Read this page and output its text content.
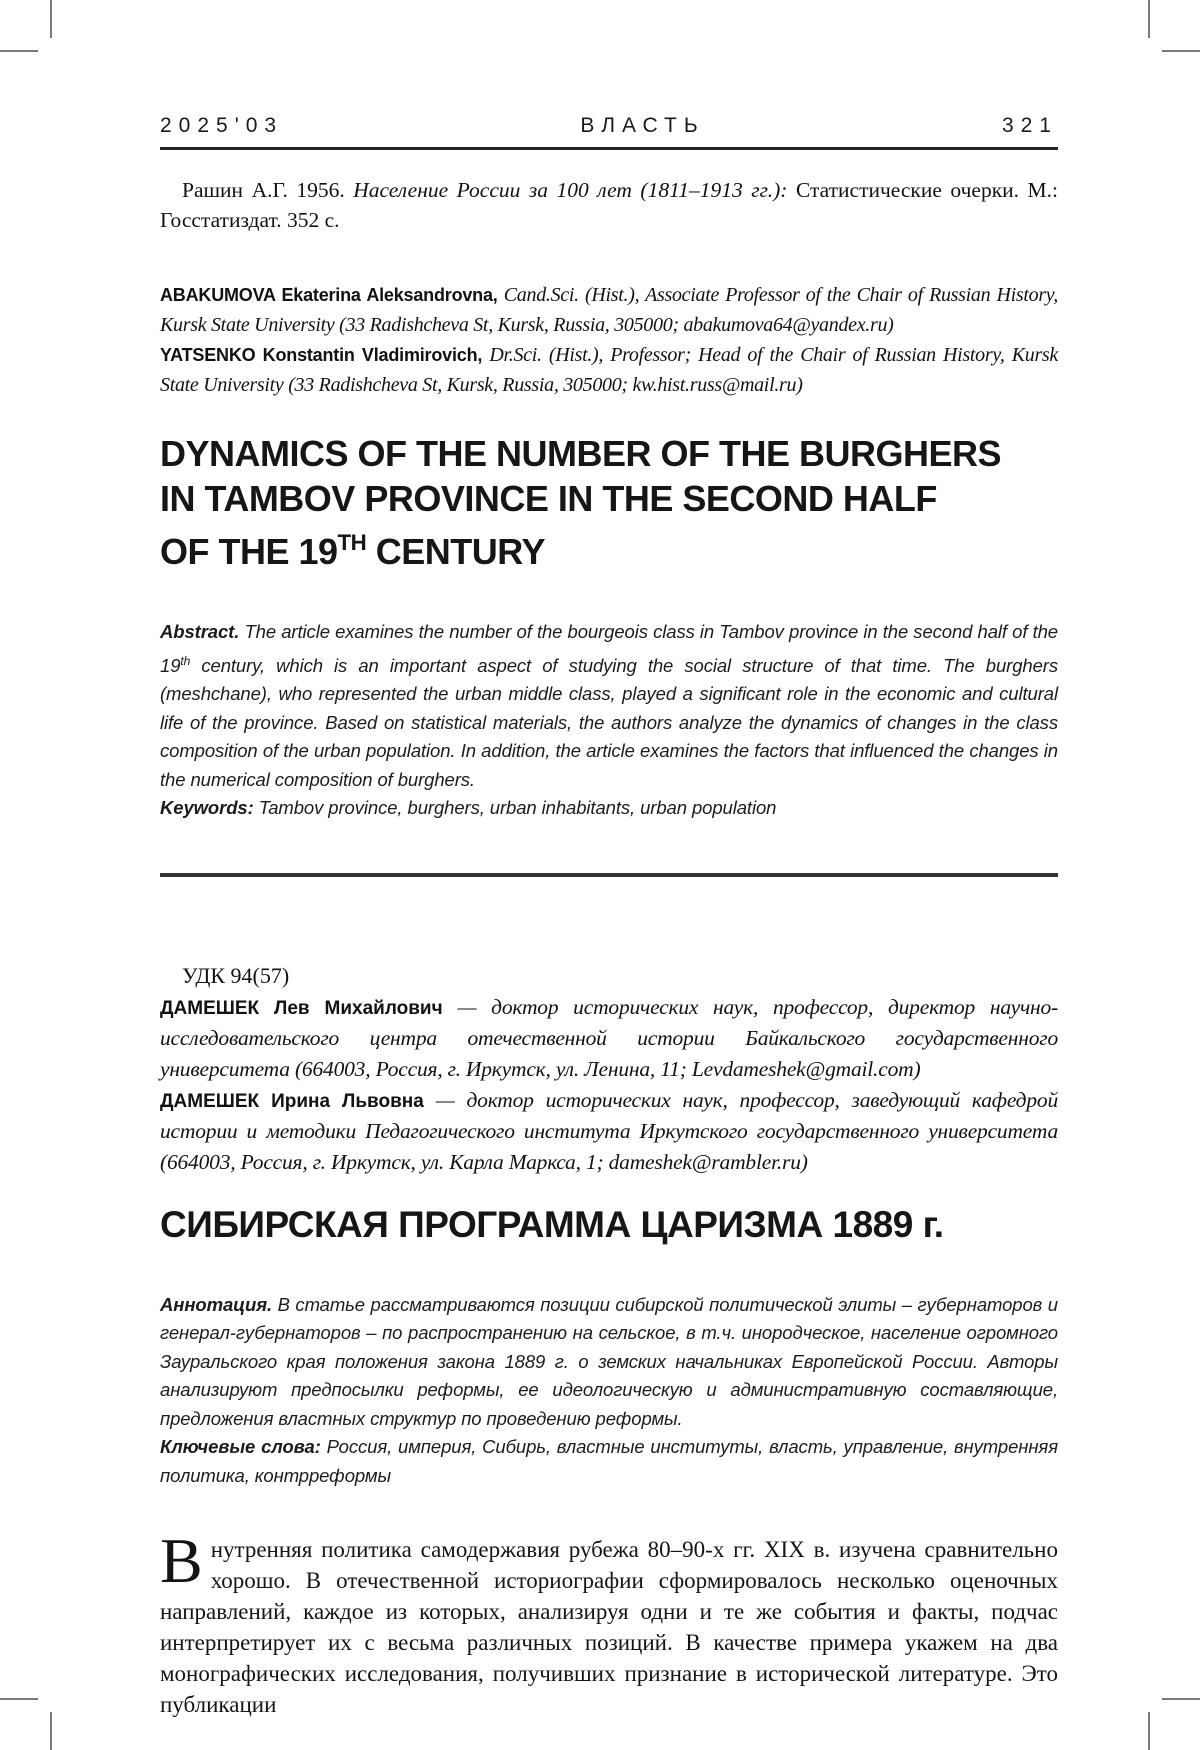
2025'03	ВЛАСТЬ	321

Рашин А.Г. 1956. Население России за 100 лет (1811–1913 гг.): Статистические очерки. М.: Госстатиздат. 352 с.

ABAKUMOVA Ekaterina Aleksandrovna, Cand.Sci. (Hist.), Associate Professor of the Chair of Russian History, Kursk State University (33 Radishcheva St, Kursk, Russia, 305000; abakumova64@yandex.ru)

YATSENKO Konstantin Vladimirovich, Dr.Sci. (Hist.), Professor; Head of the Chair of Russian History, Kursk State University (33 Radishcheva St, Kursk, Russia, 305000; kw.hist.russ@mail.ru)

DYNAMICS OF THE NUMBER OF THE BURGHERS
IN TAMBOV PROVINCE IN THE SECOND HALF
OF THE 19TH CENTURY

Abstract. The article examines the number of the bourgeois class in Tambov province in the second half of the 19th century, which is an important aspect of studying the social structure of that time. The burghers (meshchane), who represented the urban middle class, played a significant role in the economic and cultural life of the province. Based on statistical materials, the authors analyze the dynamics of changes in the class composition of the urban population. In addition, the article examines the factors that influenced the changes in the numerical composition of burghers.

Keywords: Tambov province, burghers, urban inhabitants, urban population

УДК 94(57)

ДАМЕШЕК Лев Михайлович — доктор исторических наук, профессор, директор научно-исследовательского центра отечественной истории Байкальского государственного университета (664003, Россия, г. Иркутск, ул. Ленина, 11; Levdameshek@gmail.com)

ДАМЕШЕК Ирина Львовна — доктор исторических наук, профессор, заведующий кафедрой истории и методики Педагогического института Иркутского государственного университета (664003, Россия, г. Иркутск, ул. Карла Маркса, 1; dameshek@rambler.ru)

СИБИРСКАЯ ПРОГРАММА ЦАРИЗМА 1889 г.

Аннотация. В статье рассматриваются позиции сибирской политической элиты – губернаторов и генерал-губернаторов – по распространению на сельское, в т.ч. инородческое, население огромного Зауральского края положения закона 1889 г. о земских начальниках Европейской России. Авторы анализируют предпосылки реформы, ее идеологическую и административную составляющие, предложения властных структур по проведению реформы.

Ключевые слова: Россия, империя, Сибирь, властные институты, власть, управление, внутренняя политика, контрреформы

Внутренняя политика самодержавия рубежа 80–90-х гг. XIX в. изучена сравнительно хорошо. В отечественной историографии сформировалось несколько оценочных направлений, каждое из которых, анализируя одни и те же события и факты, подчас интерпретирует их с весьма различных позиций. В качестве примера укажем на два монографических исследования, получивших признание в исторической литературе. Это публикации
